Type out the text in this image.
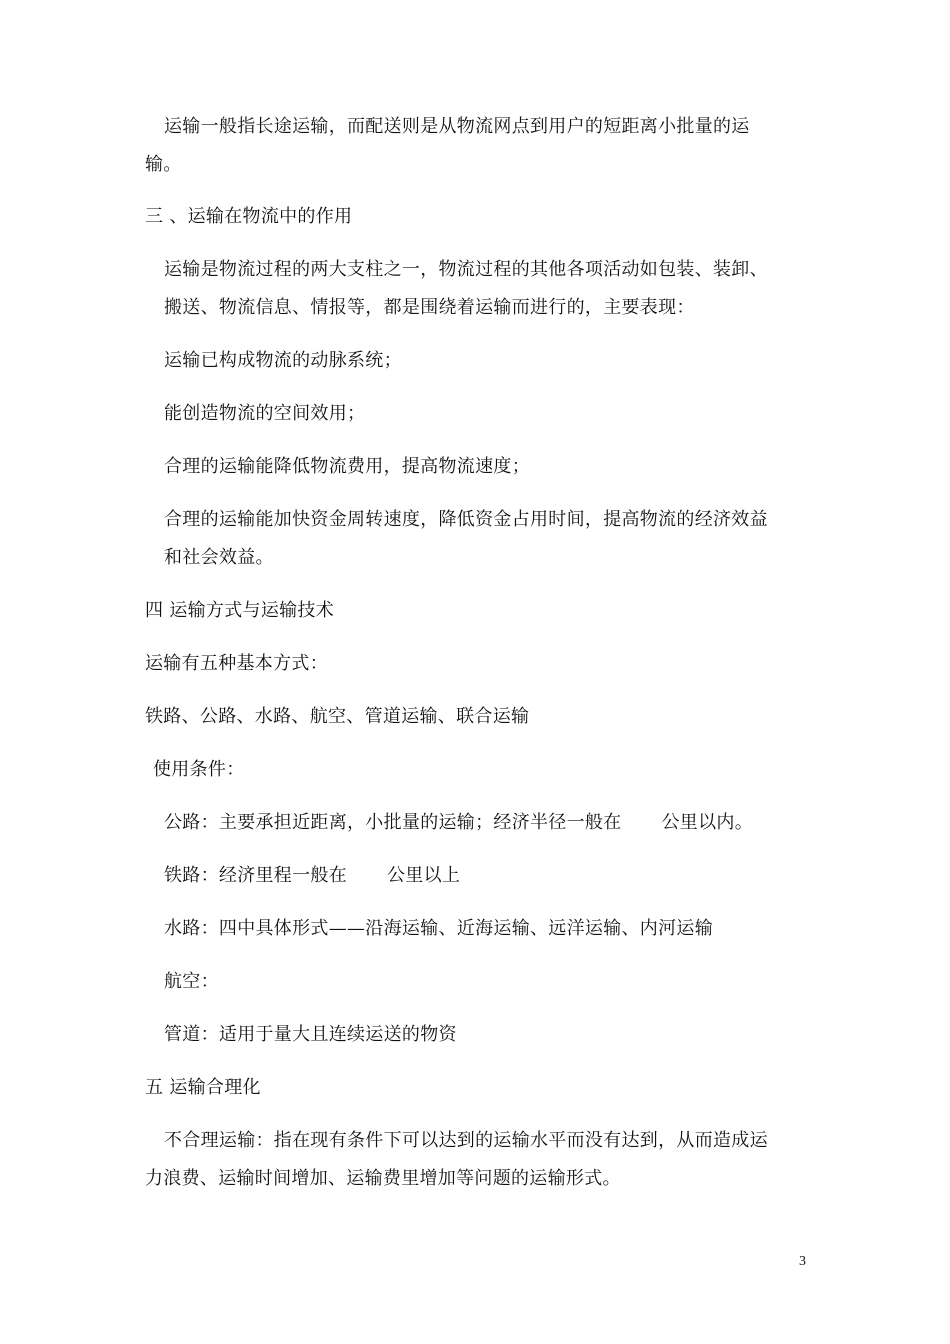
运输一般指长途运输，而配送则是从物流网点到用户的短距离小批量的运
输。
三 、运输在物流中的作用
运输是物流过程的两大支柱之一，物流过程的其他各项活动如包装、装卸、
搬送、物流信息、情报等，都是围绕着运输而进行的，主要表现：
运输已构成物流的动脉系统；
能创造物流的空间效用；
合理的运输能降低物流费用，提高物流速度；
合理的运输能加快资金周转速度，降低资金占用时间，提高物流的经济效益
和社会效益。
四 运输方式与运输技术
运输有五种基本方式：
铁路、公路、水路、航空、管道运输、联合运输
使用条件：
公路：主要承担近距离，小批量的运输；经济半径一般在 公里以内。
铁路：经济里程一般在 公里以上
水路：四中具体形式——沿海运输、近海运输、远洋运输、内河运输
航空：
管道：适用于量大且连续运送的物资
五 运输合理化
不合理运输：指在现有条件下可以达到的运输水平而没有达到，从而造成运
力浪费、运输时间增加、运输费里增加等问题的运输形式。
3
